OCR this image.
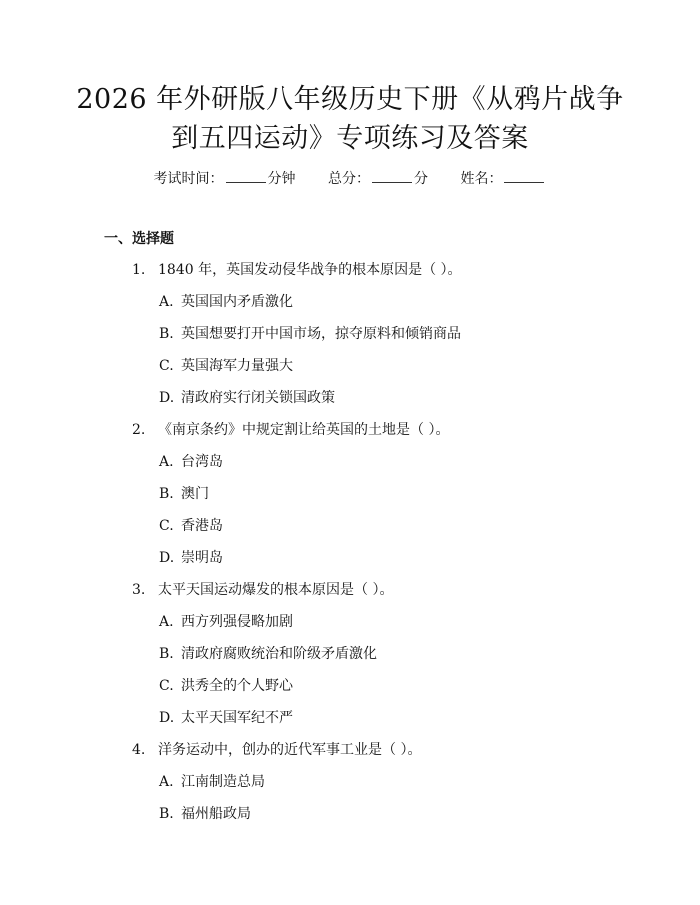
2026 年外研版八年级历史下册《从鸦片战争
到五四运动》专项练习及答案
考试时间：	分钟 总分：	分 姓名：
一、选择题
1. 1840 年，英国发动侵华战争的根本原因是（ ）。
A. 英国国内矛盾激化
B. 英国想要打开中国市场，掠夺原料和倾销商品
C. 英国海军力量强大
D. 清政府实行闭关锁国政策
2. 《南京条约》中规定割让给英国的土地是（ ）。
A. 台湾岛
B. 澳门
C. 香港岛
D. 崇明岛
3. 太平天国运动爆发的根本原因是（ ）。
A. 西方列强侵略加剧
B. 清政府腐败统治和阶级矛盾激化
C. 洪秀全的个人野心
D. 太平天国军纪不严
4. 洋务运动中，创办的近代军事工业是（ ）。
A. 江南制造总局
B. 福州船政局
